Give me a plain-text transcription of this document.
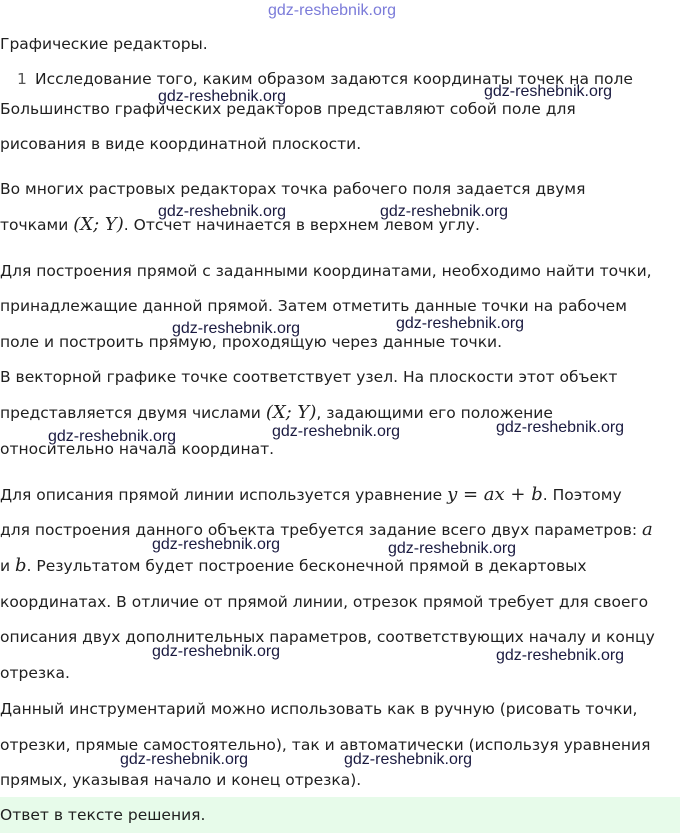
gdz-reshebnik.org
Графические редакторы.
1 Исследование того, каким образом задаются координаты точек на поле
Большинство графических редакторов представляют собой поле для
рисования в виде координатной плоскости.
Во многих растровых редакторах точка рабочего поля задается двумя
точками (X; Y). Отсчет начинается в верхнем левом углу.
Для построения прямой с заданными координатами, необходимо найти точки,
принадлежащие данной прямой. Затем отметить данные точки на рабочем
поле и построить прямую, проходящую через данные точки.
В векторной графике точке соответствует узел. На плоскости этот объект
представляется двумя числами (X; Y), задающими его положение
относительно начала координат.
Для описания прямой линии используется уравнение y = ax + b. Поэтому
для построения данного объекта требуется задание всего двух параметров: a
и b. Результатом будет построение бесконечной прямой в декартовых
координатах. В отличие от прямой линии, отрезок прямой требует для своего
описания двух дополнительных параметров, соответствующих началу и концу
отрезка.
Данный инструментарий можно использовать как в ручную (рисовать точки,
отрезки, прямые самостоятельно), так и автоматически (используя уравнения
прямых, указывая начало и конец отрезка).
Ответ в тексте решения.
gdz-reshebnik.org	gdz-reshebnik.org
gdz-reshebnik.org	gdz-reshebnik.org
gdz-reshebnik.org	gdz-reshebnik.org
gdz-reshebnik.org	gdz-reshebnik.org	gdz-reshebnik.org
gdz-reshebnik.org	gdz-reshebnik.org
gdz-reshebnik.org	gdz-reshebnik.org
gdz-reshebnik.org	gdz-reshebnik.org
